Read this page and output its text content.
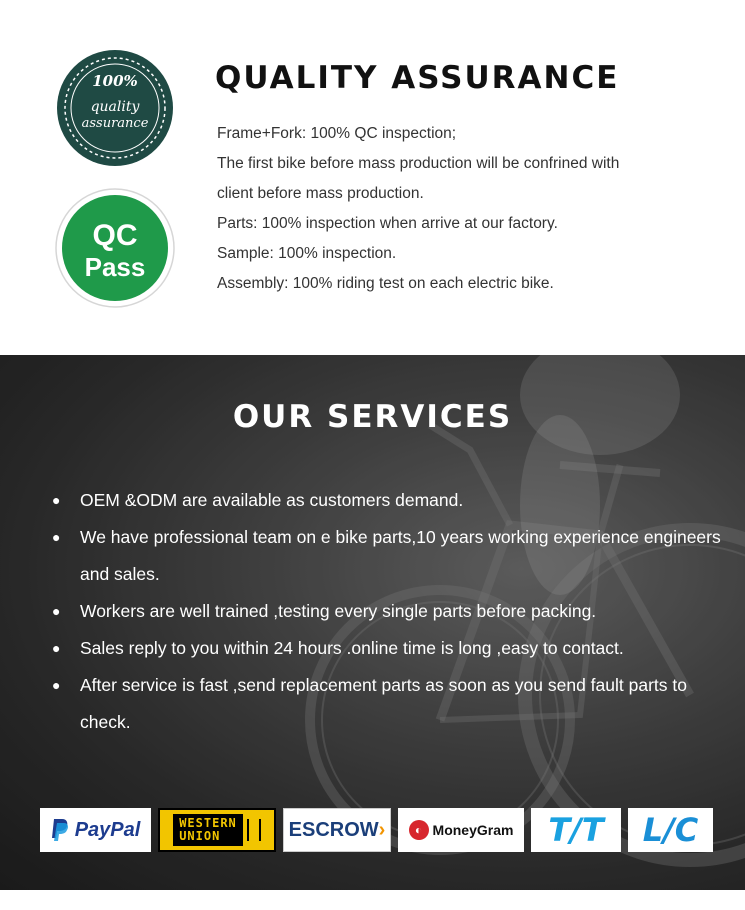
100%
quality
assurance
QC
Pass
QUALITY ASSURANCE
Frame+Fork: 100% QC inspection;
The first bike before mass production will be confrined with
client before mass production.
Parts: 100% inspection when arrive at our factory.
Sample: 100% inspection.
Assembly: 100% riding test on each electric bike.
OUR SERVICES
● OEM &ODM are available as customers demand.
● We have professional team on e bike parts,10 years working experience engineers and sales.
● Workers are well trained ,testing every single parts before packing.
● Sales reply to you within 24 hours .online time is long ,easy to contact.
● After service is fast ,send replacement parts as soon as you send fault parts to check.
PayPal	WESTERN
UNION	ESCROW ›	◐ MoneyGram T/T L/C
